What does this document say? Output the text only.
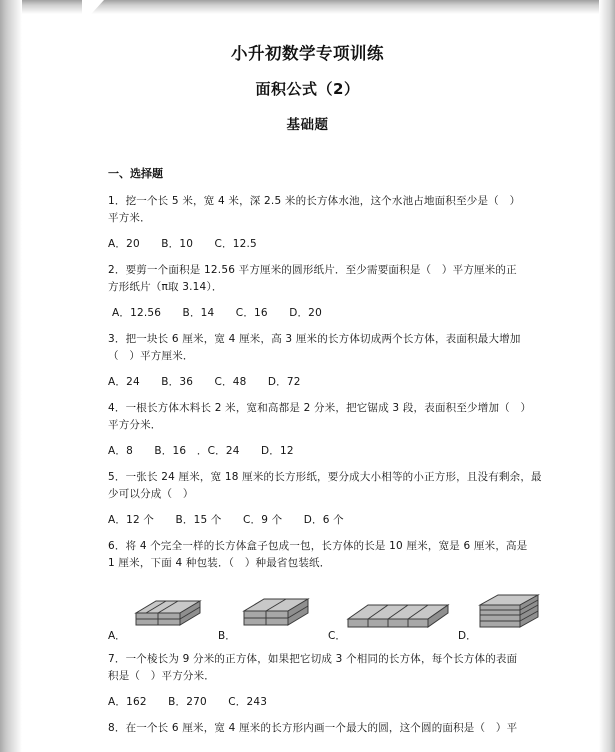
小升初数学专项训练
面积公式（2）
基础题
一、选择题
1．挖一个长 5 米，宽 4 米，深 2.5 米的长方体水池，这个水池占地面积至少是（　）
平方米．
A．20　　B．10　　C．12.5
2．要剪一个面积是 12.56 平方厘米的圆形纸片．至少需要面积是（　）平方厘米的正
方形纸片（π取 3.14）．
A．12.56　　B．14　　C．16　　D．20
3．把一块长 6 厘米，宽 4 厘米，高 3 厘米的长方体切成两个长方体，表面积最大增加
（　）平方厘米．
A．24　　B．36　　C．48　　D．72
4．一根长方体木料长 2 米，宽和高都是 2 分米，把它锯成 3 段，表面积至少增加（　）
平方分米．
A．8　　B．16　．C．24　　D．12
5．一张长 24 厘米，宽 18 厘米的长方形纸，要分成大小相等的小正方形，且没有剩余，最
少可以分成（　）
A．12 个　　B．15 个　　C．9 个　　D．6 个
6．将 4 个完全一样的长方体盒子包成一包，长方体的长是 10 厘米，宽是 6 厘米，高是
1 厘米，下面 4 种包装．（　）种最省包装纸．
A．	B．	C．	D．
7．一个棱长为 9 分米的正方体，如果把它切成 3 个相同的长方体，每个长方体的表面
积是（　）平方分米．
A．162　　B．270　　C．243
8．在一个长 6 厘米，宽 4 厘米的长方形内画一个最大的圆，这个圆的面积是（　）平
